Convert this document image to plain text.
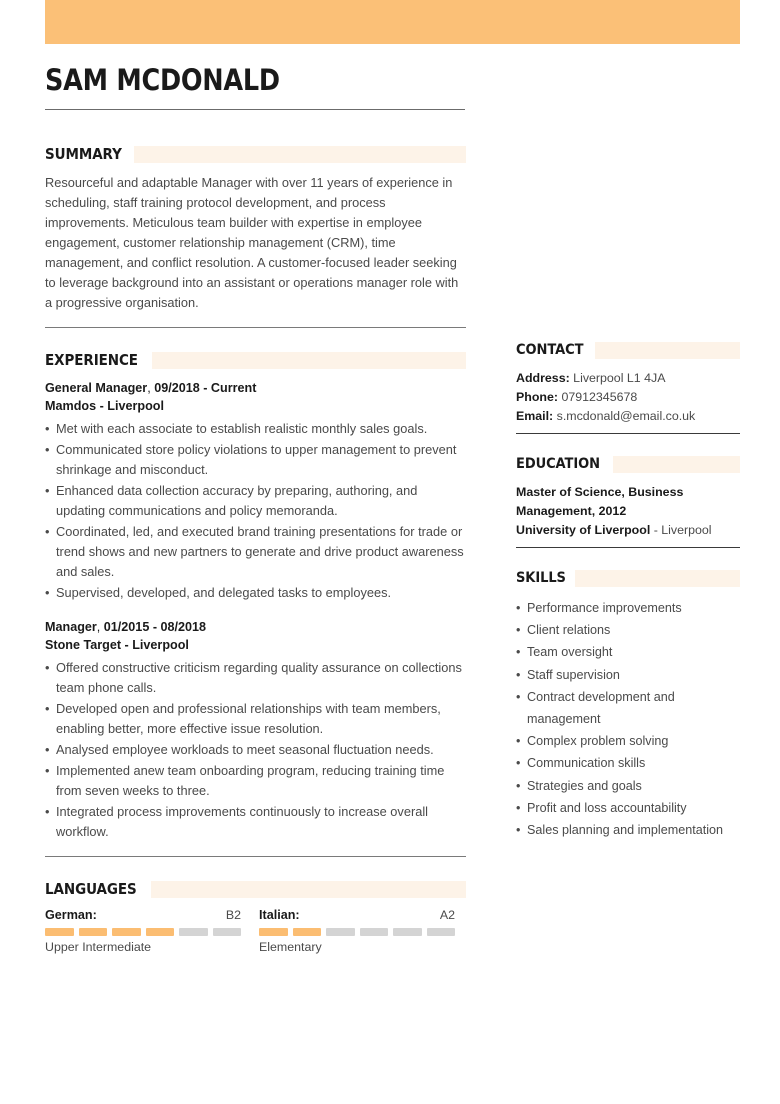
SAM MCDONALD
SUMMARY

Resourceful and adaptable Manager with over 11 years of experience in scheduling, staff training protocol development, and process improvements. Meticulous team builder with expertise in employee engagement, customer relationship management (CRM), time management, and conflict resolution. A customer-focused leader seeking to leverage background into an assistant or operations manager role with a progressive organisation.

EXPERIENCE

General Manager, 09/2018 - Current

Mamdos - Liverpool

• Met with each associate to establish realistic monthly sales goals.
• Communicated store policy violations to upper management to prevent shrinkage and misconduct.
• Enhanced data collection accuracy by preparing, authoring, and updating communications and policy memoranda.
• Coordinated, led, and executed brand training presentations for trade or trend shows and new partners to generate and drive product awareness and sales.
• Supervised, developed, and delegated tasks to employees.

Manager, 01/2015 - 08/2018

Stone Target - Liverpool

• Offered constructive criticism regarding quality assurance on collections team phone calls.
• Developed open and professional relationships with team members, enabling better, more effective issue resolution.
• Analysed employee workloads to meet seasonal fluctuation needs.
• Implemented anew team onboarding program, reducing training time from seven weeks to three.
• Integrated process improvements continuously to increase overall workflow.
LANGUAGES
German:	B2
Upper Intermediate
Italian:	A2
Elementary
CONTACT

Address: Liverpool L1 4JA

Phone: 07912345678

Email: s.mcdonald@email.co.uk

EDUCATION

Master of Science, Business Management, 2012

University of Liverpool - Liverpool

SKILLS
• Performance improvements
• Client relations
• Team oversight
• Staff supervision
• Contract development and management
• Complex problem solving
• Communication skills
• Strategies and goals
• Profit and loss accountability
• Sales planning and implementation
